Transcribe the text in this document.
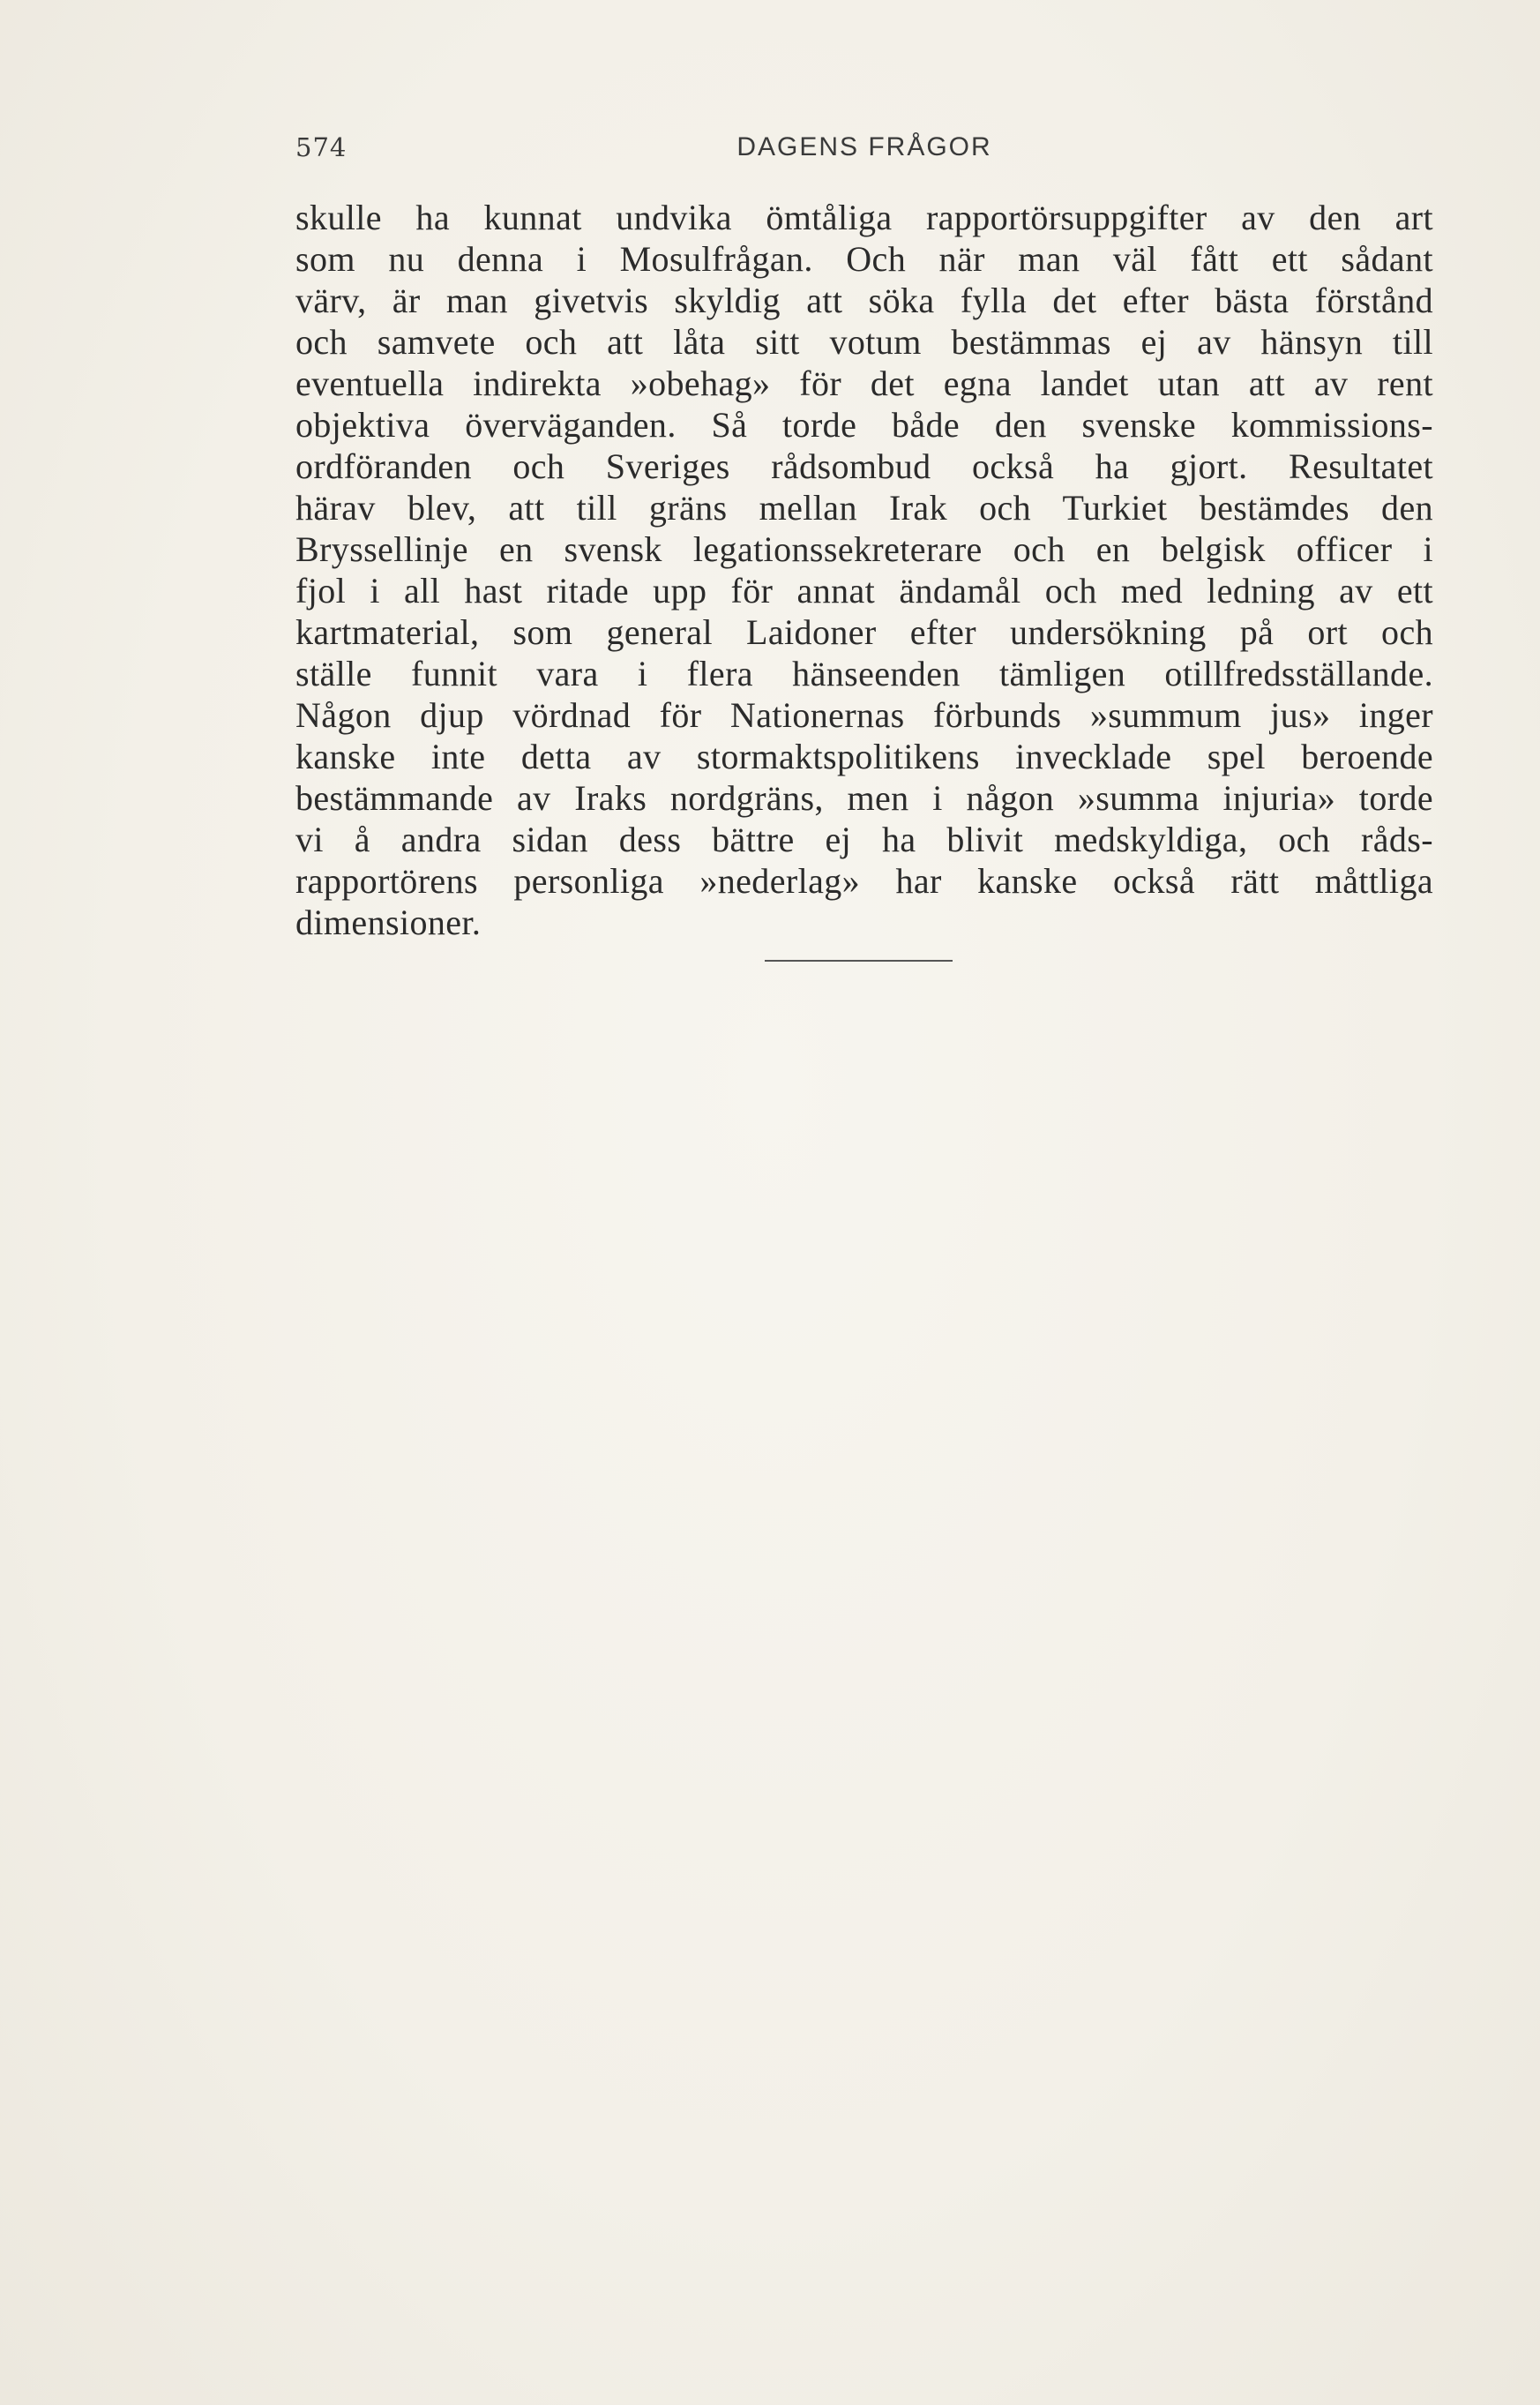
574	DAGENS FRÅGOR
skulle ha kunnat undvika ömtåliga rapportörsuppgifter av den art
som nu denna i Mosulfrågan. Och när man väl fått ett sådant
värv, är man givetvis skyldig att söka fylla det efter bästa förstånd
och samvete och att låta sitt votum bestämmas ej av hänsyn till
eventuella indirekta »obehag» för det egna landet utan att av rent
objektiva överväganden. Så torde både den svenske kommissions-
ordföranden och Sveriges rådsombud också ha gjort. Resultatet
härav blev, att till gräns mellan Irak och Turkiet bestämdes den
Bryssellinje en svensk legationssekreterare och en belgisk officer i
fjol i all hast ritade upp för annat ändamål och med ledning av ett
kartmaterial, som general Laidoner efter undersökning på ort och
ställe funnit vara i flera hänseenden tämligen otillfredsställande.
Någon djup vördnad för Nationernas förbunds »summum jus» inger
kanske inte detta av stormaktspolitikens invecklade spel beroende
bestämmande av Iraks nordgräns, men i någon »summa injuria» torde
vi å andra sidan dess bättre ej ha blivit medskyldiga, och råds-
rapportörens personliga »nederlag» har kanske också rätt måttliga
dimensioner.
